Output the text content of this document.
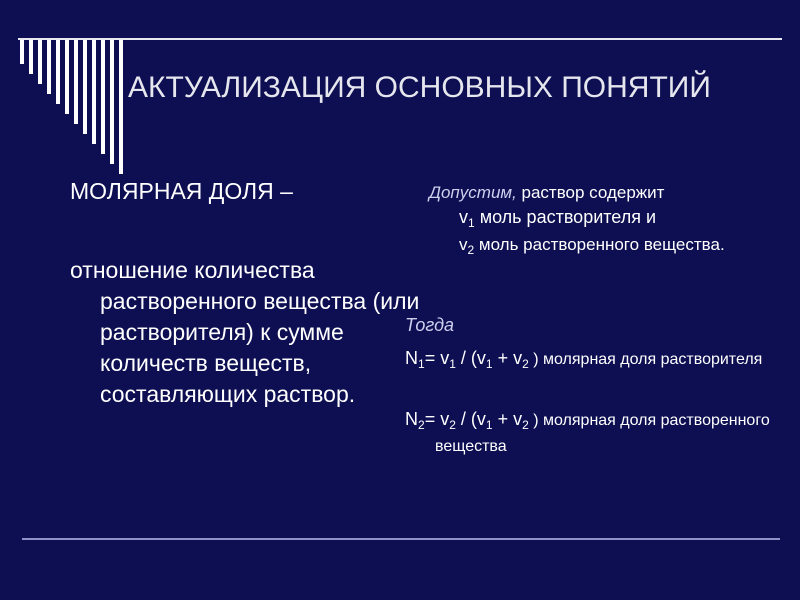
АКТУАЛИЗАЦИЯ ОСНОВНЫХ ПОНЯТИЙ
МОЛЯРНАЯ ДОЛЯ –
отношение количества растворенного вещества (или растворителя) к сумме количеств веществ, составляющих раствор.
Допустим, раствор содержит
$v_1$ моль растворителя и
$v_2$ моль растворенного вещества.
Тогда
$N_1= v_1 / (v_1 + v_2$ ) молярная доля растворителя
$N_2= v_2 / (v_1 + v_2$ ) молярная доля растворенного вещества
